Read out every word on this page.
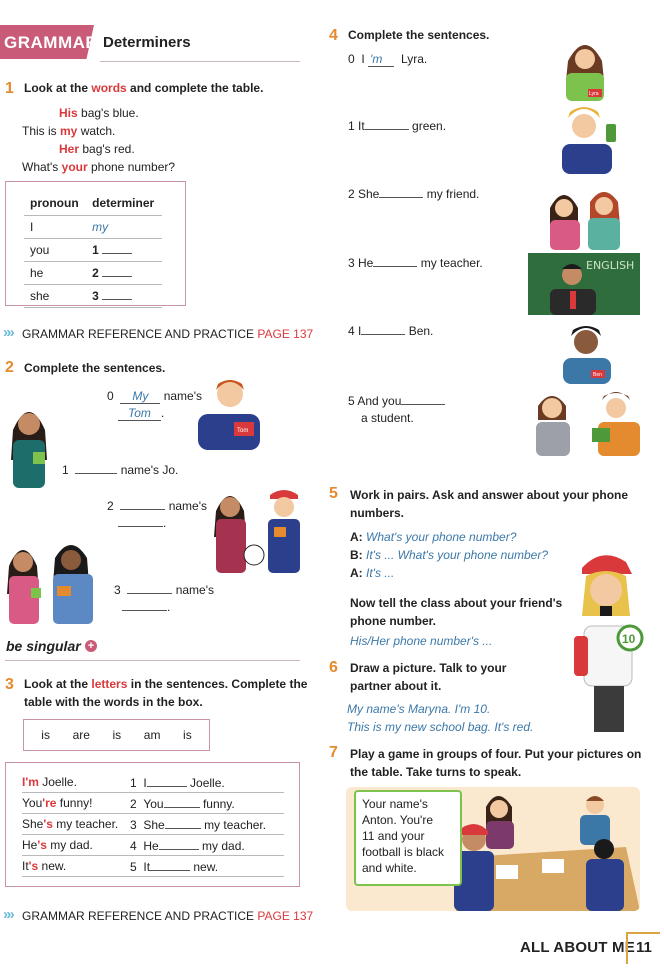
GRAMMAR Determiners
1 Look at the words and complete the table.
His bag's blue.
This is my watch.
Her bag's red.
What's your phone number?
pronoun	determiner
I	my
you	1
he	2
she	3
»» GRAMMAR REFERENCE AND PRACTICE PAGE 137
2 Complete the sentences.
0 My name's
Tom .
1	name's Jo.
2	name's
.
3	name's
.
Tom
be singular +
3 Look at the letters in the sentences. Complete the
table with the words in the box.
is are is am is
I'm Joelle.	1 I	Joelle.
You're funny!	2 You	funny.
She's my teacher. 3 She	my teacher.
He's my dad.	4 He	my dad.
It's new.	5 It	new.
»» GRAMMAR REFERENCE AND PRACTICE PAGE 137
4 Complete the sentences.
0 I 'm Lyra.
1 It	green.
2 She	my friend.
3 He	my teacher.
4 I	Ben.
5 And you
a student.
Lyra
ENGLISH
Ben
5 Work in pairs. Ask and answer about your phone
numbers.
A: What's your phone number?
B: It's ... What's your phone number?
A: It's ...
Now tell the class about your friend's
phone number.
His/Her phone number's ...	10
6 Draw a picture. Talk to your
partner about it.
My name's Maryna. I'm 10.
This is my new school bag. It's red.
7 Play a game in groups of four. Put your pictures on
the table. Take turns to speak.
Your name's
Anton. You're
11 and your
football is black
and white.
ALL ABOUT ME 11
